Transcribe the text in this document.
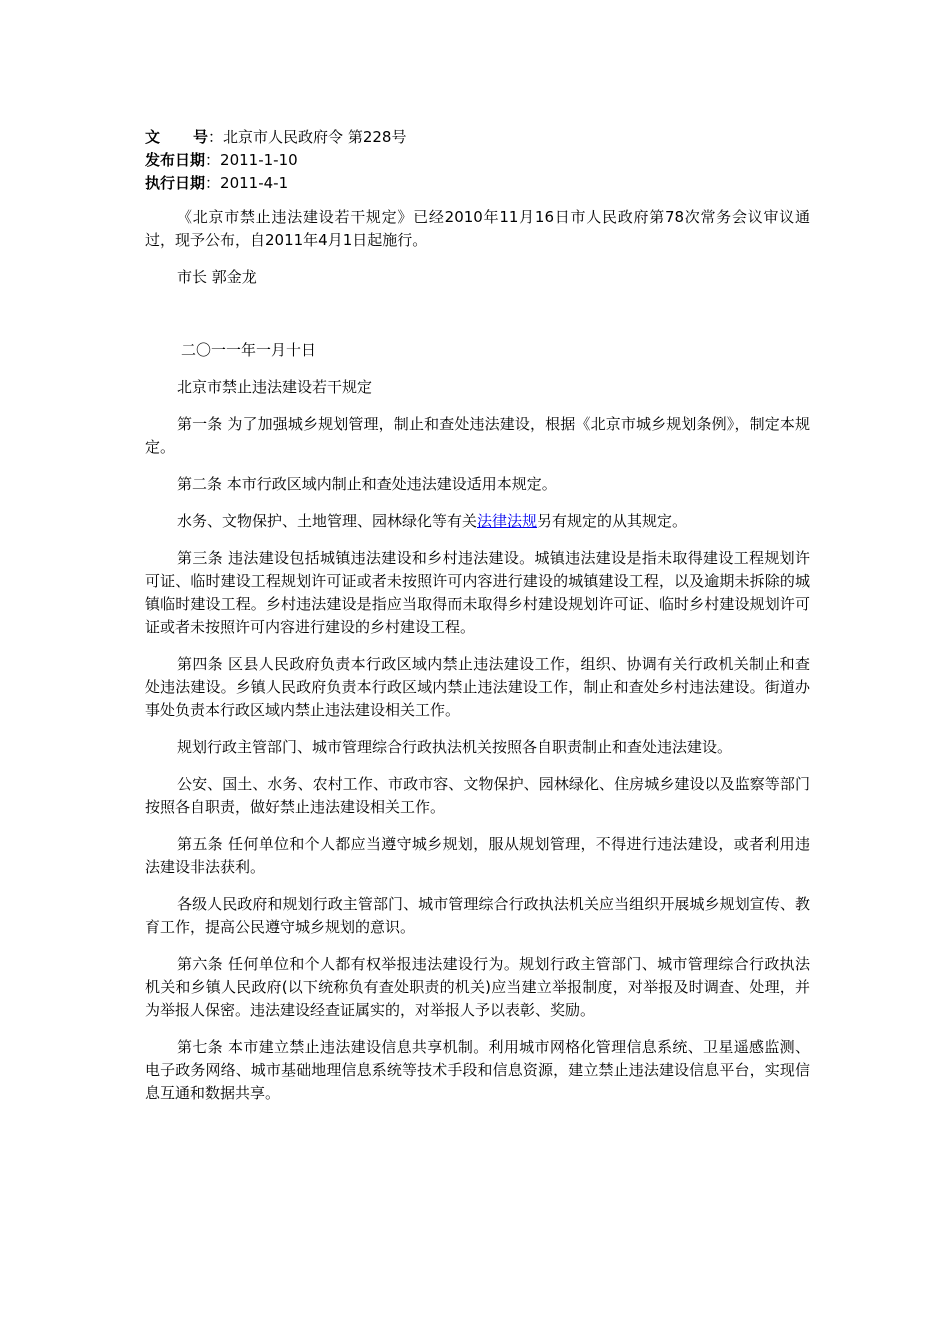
文 号：北京市人民政府令 第228号
发布日期：2011-1-10
执行日期：2011-4-1

《北京市禁止违法建设若干规定》已经2010年11月16日市人民政府第78次常务会议审议通过，现予公布，自2011年4月1日起施行。

市长 郭金龙

二〇一一年一月十日

北京市禁止违法建设若干规定

第一条 为了加强城乡规划管理，制止和查处违法建设，根据《北京市城乡规划条例》，制定本规定。

第二条 本市行政区域内制止和查处违法建设适用本规定。

水务、文物保护、土地管理、园林绿化等有关法律法规另有规定的从其规定。

第三条 违法建设包括城镇违法建设和乡村违法建设。城镇违法建设是指未取得建设工程规划许可证、临时建设工程规划许可证或者未按照许可内容进行建设的城镇建设工程，以及逾期未拆除的城镇临时建设工程。乡村违法建设是指应当取得而未取得乡村建设规划许可证、临时乡村建设规划许可证或者未按照许可内容进行建设的乡村建设工程。

第四条 区县人民政府负责本行政区域内禁止违法建设工作，组织、协调有关行政机关制止和查处违法建设。乡镇人民政府负责本行政区域内禁止违法建设工作，制止和查处乡村违法建设。街道办事处负责本行政区域内禁止违法建设相关工作。

规划行政主管部门、城市管理综合行政执法机关按照各自职责制止和查处违法建设。

公安、国土、水务、农村工作、市政市容、文物保护、园林绿化、住房城乡建设以及监察等部门按照各自职责，做好禁止违法建设相关工作。

第五条 任何单位和个人都应当遵守城乡规划，服从规划管理，不得进行违法建设，或者利用违法建设非法获利。

各级人民政府和规划行政主管部门、城市管理综合行政执法机关应当组织开展城乡规划宣传、教育工作，提高公民遵守城乡规划的意识。

第六条 任何单位和个人都有权举报违法建设行为。规划行政主管部门、城市管理综合行政执法机关和乡镇人民政府(以下统称负有查处职责的机关)应当建立举报制度，对举报及时调查、处理，并为举报人保密。违法建设经查证属实的，对举报人予以表彰、奖励。

第七条 本市建立禁止违法建设信息共享机制。利用城市网格化管理信息系统、卫星遥感监测、电子政务网络、城市基础地理信息系统等技术手段和信息资源，建立禁止违法建设信息平台，实现信息互通和数据共享。
